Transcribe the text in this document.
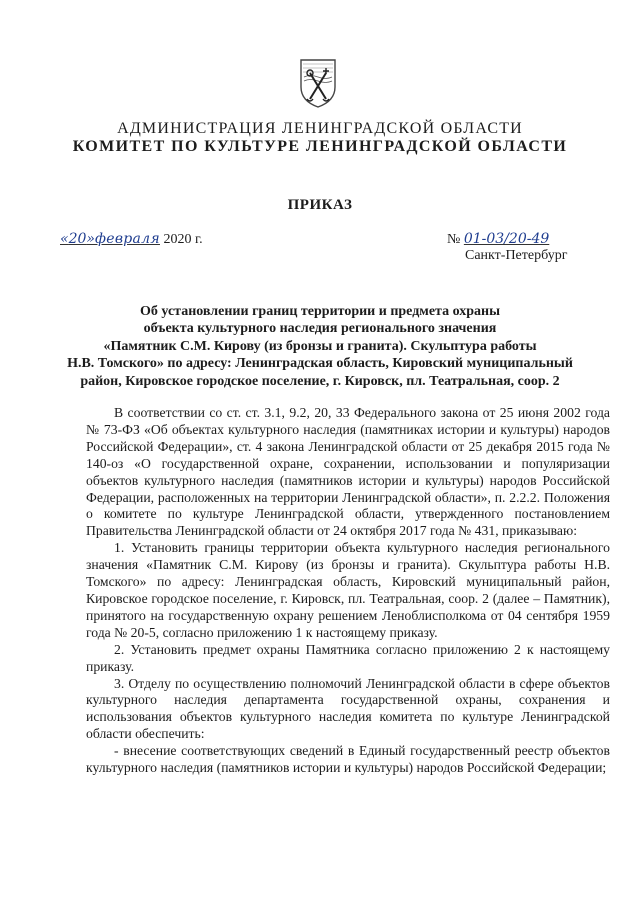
АДМИНИСТРАЦИЯ ЛЕНИНГРАДСКОЙ ОБЛАСТИ
КОМИТЕТ ПО КУЛЬТУРЕ ЛЕНИНГРАДСКОЙ ОБЛАСТИ
ПРИКАЗ
«20»февраля 2020 г.	№ 01-03/20-49
Санкт-Петербург
Об установлении границ территории и предмета охраны
объекта культурного наследия регионального значения
«Памятник С.М. Кирову (из бронзы и гранита). Скульптура работы
Н.В. Томского» по адресу: Ленинградская область, Кировский муниципальный
район, Кировское городское поселение, г. Кировск, пл. Театральная, соор. 2

В соответствии со ст. ст. 3.1, 9.2, 20, 33 Федерального закона от 25 июня 2002 года № 73-ФЗ «Об объектах культурного наследия (памятниках истории и культуры) народов Российской Федерации», ст. 4 закона Ленинградской области от 25 декабря 2015 года № 140-оз «О государственной охране, сохранении, использовании и популяризации объектов культурного наследия (памятников истории и культуры) народов Российской Федерации, расположенных на территории Ленинградской области», п. 2.2.2. Положения о комитете по культуре Ленинградской области, утвержденного постановлением Правительства Ленинградской области от 24 октября 2017 года № 431, приказываю:

1. Установить границы территории объекта культурного наследия регионального значения «Памятник С.М. Кирову (из бронзы и гранита). Скульптура работы Н.В. Томского» по адресу: Ленинградская область, Кировский муниципальный район, Кировское городское поселение, г. Кировск, пл. Театральная, соор. 2 (далее – Памятник), принятого на государственную охрану решением Леноблисполкома от 04 сентября 1959 года № 20-5, согласно приложению 1 к настоящему приказу.

2. Установить предмет охраны Памятника согласно приложению 2 к настоящему приказу.

3. Отделу по осуществлению полномочий Ленинградской области в сфере объектов культурного наследия департамента государственной охраны, сохранения и использования объектов культурного наследия комитета по культуре Ленинградской области обеспечить:

- внесение соответствующих сведений в Единый государственный реестр объектов культурного наследия (памятников истории и культуры) народов Российской Федерации;
